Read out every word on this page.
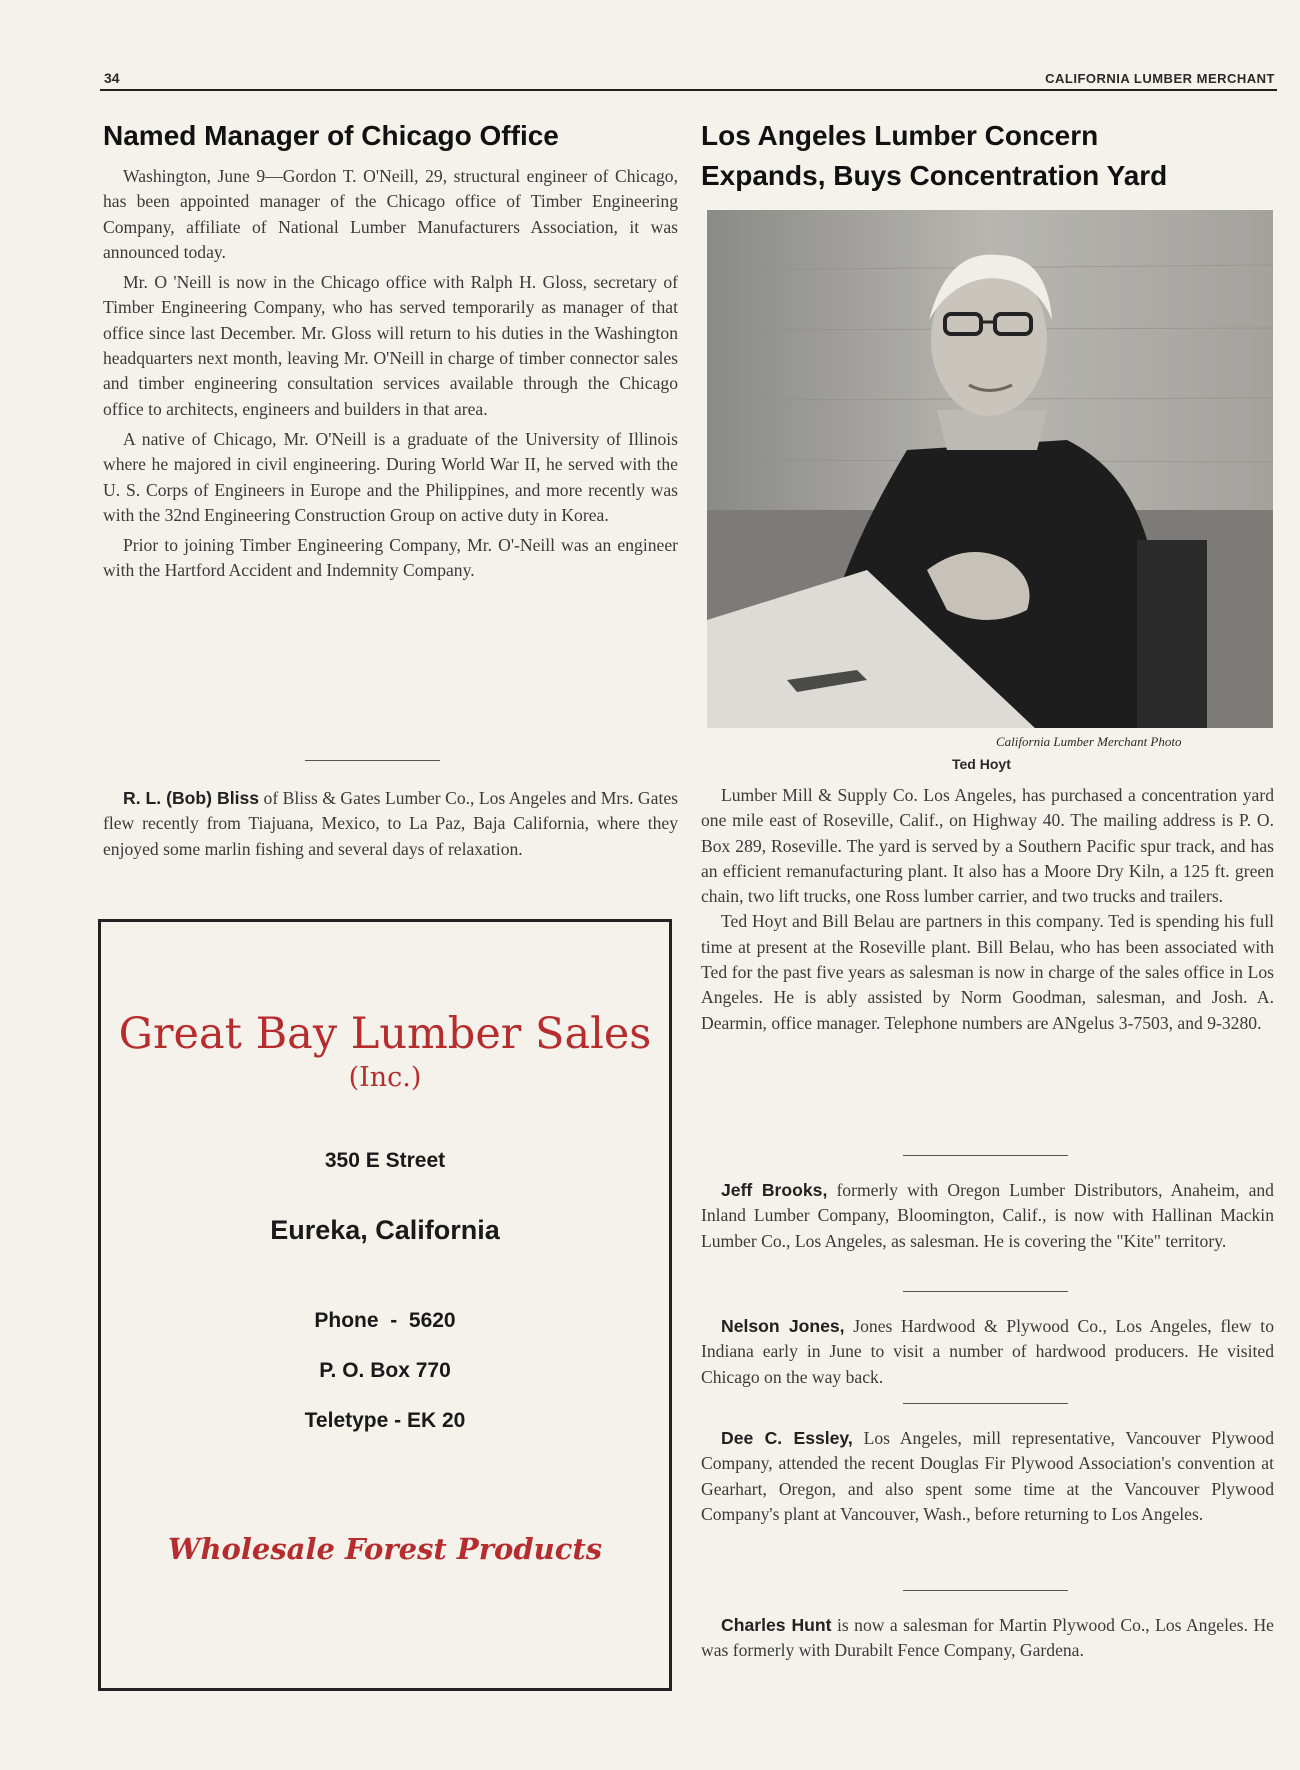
34	CALIFORNIA LUMBER MERCHANT
Named Manager of Chicago Office

Washington, June 9—Gordon T. O'Neill, 29, structural engineer of Chicago, has been appointed manager of the Chicago office of Timber Engineering Company, affiliate of National Lumber Manufacturers Association, it was announced today.

Mr. O 'Neill is now in the Chicago office with Ralph H. Gloss, secretary of Timber Engineering Company, who has served temporarily as manager of that office since last December. Mr. Gloss will return to his duties in the Washington headquarters next month, leaving Mr. O'Neill in charge of timber connector sales and timber engineering consultation services available through the Chicago office to architects, engineers and builders in that area.

A native of Chicago, Mr. O'Neill is a graduate of the University of Illinois where he majored in civil engineering. During World War II, he served with the U. S. Corps of Engineers in Europe and the Philippines, and more recently was with the 32nd Engineering Construction Group on active duty in Korea.

Prior to joining Timber Engineering Company, Mr. O'-Neill was an engineer with the Hartford Accident and Indemnity Company.

R. L. (Bob) Bliss of Bliss & Gates Lumber Co., Los Angeles and Mrs. Gates flew recently from Tiajuana, Mexico, to La Paz, Baja California, where they enjoyed some marlin fishing and several days of relaxation.

Great Bay Lumber Sales
(Inc.)
350 E Street
Eureka, California
Phone  -  5620
P. O. Box 770
Teletype - EK 20
Wholesale Forest Products
Los Angeles Lumber Concern
Expands, Buys Concentration Yard
California Lumber Merchant Photo
Ted Hoyt

Lumber Mill & Supply Co. Los Angeles, has purchased a concentration yard one mile east of Roseville, Calif., on Highway 40. The mailing address is P. O. Box 289, Roseville. The yard is served by a Southern Pacific spur track, and has an efficient remanufacturing plant. It also has a Moore Dry Kiln, a 125 ft. green chain, two lift trucks, one Ross lumber carrier, and two trucks and trailers.

Ted Hoyt and Bill Belau are partners in this company. Ted is spending his full time at present at the Roseville plant. Bill Belau, who has been associated with Ted for the past five years as salesman is now in charge of the sales office in Los Angeles. He is ably assisted by Norm Goodman, salesman, and Josh. A. Dearmin, office manager. Telephone numbers are ANgelus 3-7503, and 9-3280.

Jeff Brooks, formerly with Oregon Lumber Distributors, Anaheim, and Inland Lumber Company, Bloomington, Calif., is now with Hallinan Mackin Lumber Co., Los Angeles, as salesman. He is covering the "Kite" territory.

Nelson Jones, Jones Hardwood & Plywood Co., Los Angeles, flew to Indiana early in June to visit a number of hardwood producers. He visited Chicago on the way back.

Dee C. Essley, Los Angeles, mill representative, Vancouver Plywood Company, attended the recent Douglas Fir Plywood Association's convention at Gearhart, Oregon, and also spent some time at the Vancouver Plywood Company's plant at Vancouver, Wash., before returning to Los Angeles.

Charles Hunt is now a salesman for Martin Plywood Co., Los Angeles. He was formerly with Durabilt Fence Company, Gardena.
